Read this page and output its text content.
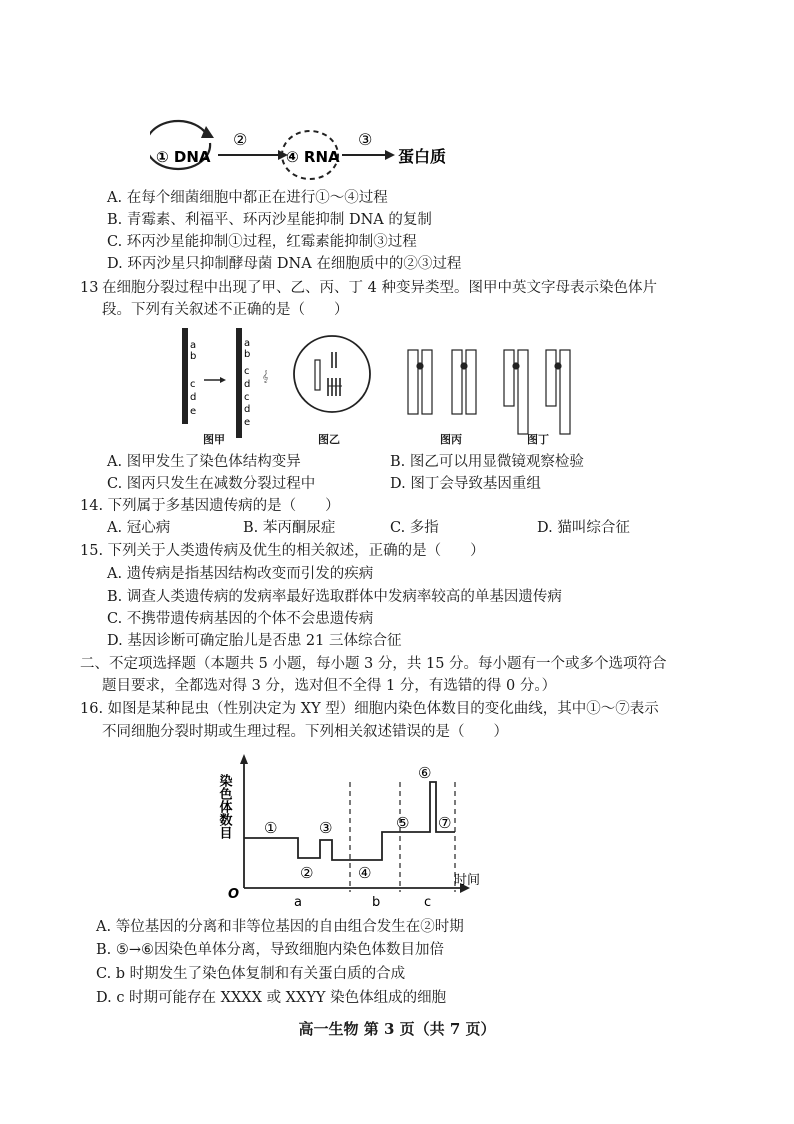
① DNA
②
④ RNA
③
蛋白质
A. 在每个细菌细胞中都正在进行①～④过程
B. 青霉素、利福平、环丙沙星能抑制 DNA 的复制
C. 环丙沙星能抑制①过程，红霉素能抑制③过程
D. 环丙沙星只抑制酵母菌 DNA 在细胞质中的②③过程
13 在细胞分裂过程中出现了甲、乙、丙、丁 4 种变异类型。图甲中英文字母表示染色体片
段。下列有关叙述不正确的是（　　）
a
b
c
d
e
a
b
c
d
c
d
e
𝄞
图甲	图乙	图丙	图丁
A. 图甲发生了染色体结构变异	B. 图乙可以用显微镜观察检验
C. 图丙只发生在减数分裂过程中	D. 图丁会导致基因重组
14. 下列属于多基因遗传病的是（　　）
A. 冠心病	B. 苯丙酮尿症	C. 多指	D. 猫叫综合征
15. 下列关于人类遗传病及优生的相关叙述，正确的是（　　）
A. 遗传病是指基因结构改变而引发的疾病
B. 调查人类遗传病的发病率最好选取群体中发病率较高的单基因遗传病
C. 不携带遗传病基因的个体不会患遗传病
D. 基因诊断可确定胎儿是否患 21 三体综合征
二、不定项选择题（本题共 5 小题，每小题 3 分，共 15 分。每小题有一个或多个选项符合
题目要求，全都选对得 3 分，选对但不全得 1 分，有选错的得 0 分。）
16. 如图是某种昆虫（性别决定为 XY 型）细胞内染色体数目的变化曲线，其中①～⑦表示
不同细胞分裂时期或生理过程。下列相关叙述错误的是（　　）
染色体数目
O
时间
①
②
③
④
⑤
⑥
⑦
a	b	c
A. 等位基因的分离和非等位基因的自由组合发生在②时期
B. ⑤→⑥因染色单体分离，导致细胞内染色体数目加倍
C. b 时期发生了染色体复制和有关蛋白质的合成
D. c 时期可能存在 XXXX 或 XXYY 染色体组成的细胞
高一生物 第 3 页（共 7 页）
